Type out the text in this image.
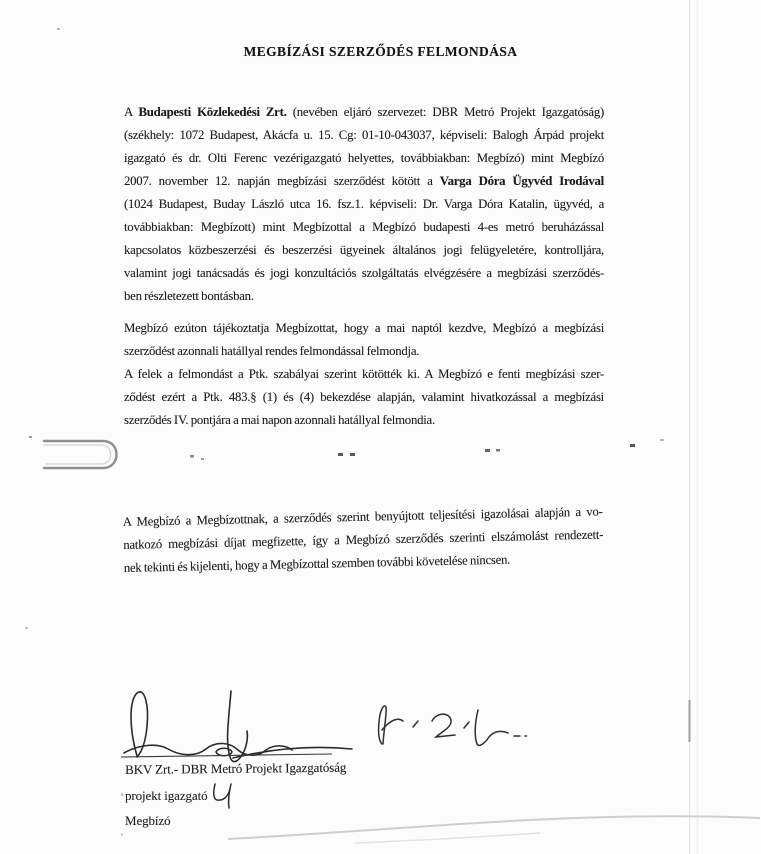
MEGBÍZÁSI SZERZŐDÉS FELMONDÁSA
A Budapesti Közlekedési Zrt. (nevében eljáró szervezet: DBR Metró Projekt Igazgatóság)
(székhely: 1072 Budapest, Akácfa u. 15. Cg: 01-10-043037, képviseli: Balogh Árpád projekt
igazgató és dr. Olti Ferenc vezérigazgató helyettes, továbbiakban: Megbízó) mint Megbízó
2007. november 12. napján megbízási szerződést kötött a Varga Dóra Ügyvéd Irodával
(1024 Budapest, Buday László utca 16. fsz.1. képviseli: Dr. Varga Dóra Katalin, ügyvéd, a
továbbiakban: Megbízott) mint Megbízottal a Megbízó budapesti 4-es metró beruházással
kapcsolatos közbeszerzési és beszerzési ügyeinek általános jogi felügyeletére, kontrolljára,
valamint jogi tanácsadás és jogi konzultációs szolgáltatás elvégzésére a megbízási szerződés-
ben részletezett bontásban.
Megbízó ezúton tájékoztatja Megbízottat, hogy a mai naptól kezdve, Megbízó a megbízási
szerződést azonnali hatállyal rendes felmondással felmondja.
A felek a felmondást a Ptk. szabályai szerint kötötték ki. A Megbízó e fenti megbízási szer-
ződést ezért a Ptk. 483.§ (1) és (4) bekezdése alapján, valamint hivatkozással a megbízási
szerződés IV. pontjára a mai napon azonnali hatállyal felmondia.
A Megbízó a Megbízottnak, a szerződés szerint benyújtott teljesítési igazolásai alapján a vo-
natkozó megbízási díjat megfizette, így a Megbízó szerződés szerinti elszámolást rendezett-
nek tekinti és kijelenti, hogy a Megbízottal szemben további követelése nincsen.
BKV Zrt.- DBR Metró Projekt Igazgatóság
projekt igazgató
Megbízó
